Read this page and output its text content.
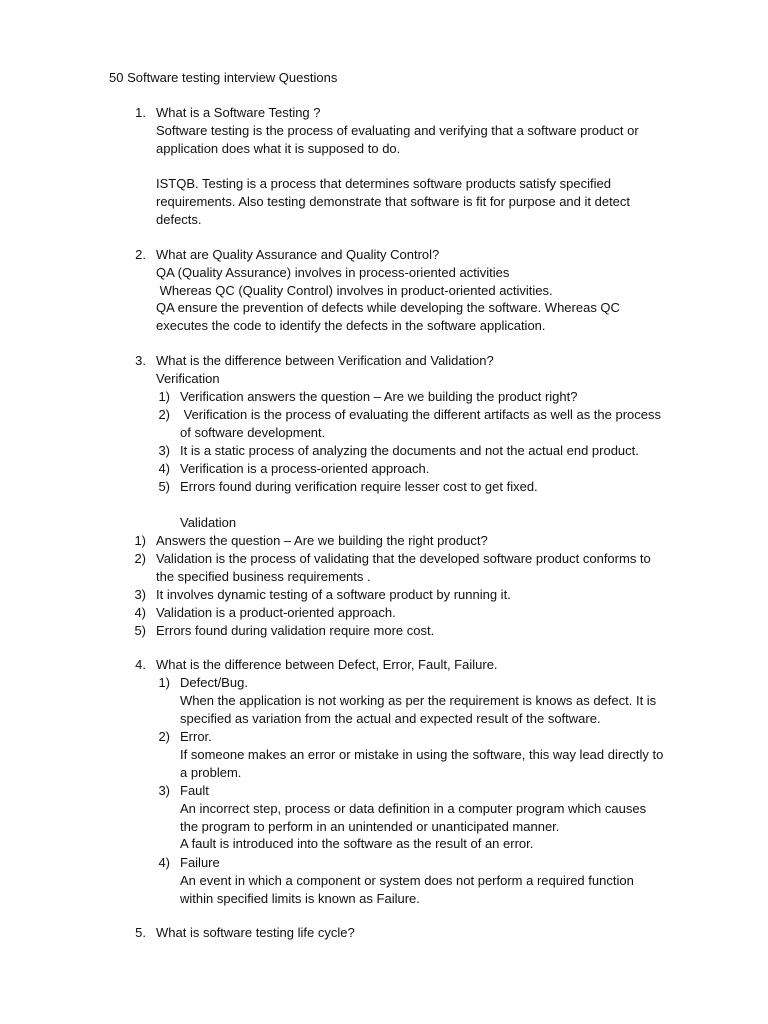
50 Software testing interview Questions
1. What is a Software Testing ?
Software testing is the process of evaluating and verifying that a software product or
application does what it is supposed to do.
ISTQB. Testing is a process that determines software products satisfy specified
requirements. Also testing demonstrate that software is fit for purpose and it detect
defects.
2. What are Quality Assurance and Quality Control?
QA (Quality Assurance) involves in process-oriented activities
Whereas QC (Quality Control) involves in product-oriented activities.
QA ensure the prevention of defects while developing the software. Whereas QC
executes the code to identify the defects in the software application.
3. What is the difference between Verification and Validation?
Verification
1) Verification answers the question – Are we building the product right?
2) Verification is the process of evaluating the different artifacts as well as the process
of software development.
3) It is a static process of analyzing the documents and not the actual end product.
4) Verification is a process-oriented approach.
5) Errors found during verification require lesser cost to get fixed.
Validation
1) Answers the question – Are we building the right product?
2) Validation is the process of validating that the developed software product conforms to
the specified business requirements .
3) It involves dynamic testing of a software product by running it.
4) Validation is a product-oriented approach.
5) Errors found during validation require more cost.
4. What is the difference between Defect, Error, Fault, Failure.
1) Defect/Bug.
When the application is not working as per the requirement is knows as defect. It is
specified as variation from the actual and expected result of the software.
2) Error.
If someone makes an error or mistake in using the software, this way lead directly to
a problem.
3) Fault
An incorrect step, process or data definition in a computer program which causes
the program to perform in an unintended or unanticipated manner.
A fault is introduced into the software as the result of an error.
4) Failure
An event in which a component or system does not perform a required function
within specified limits is known as Failure.
5. What is software testing life cycle?
